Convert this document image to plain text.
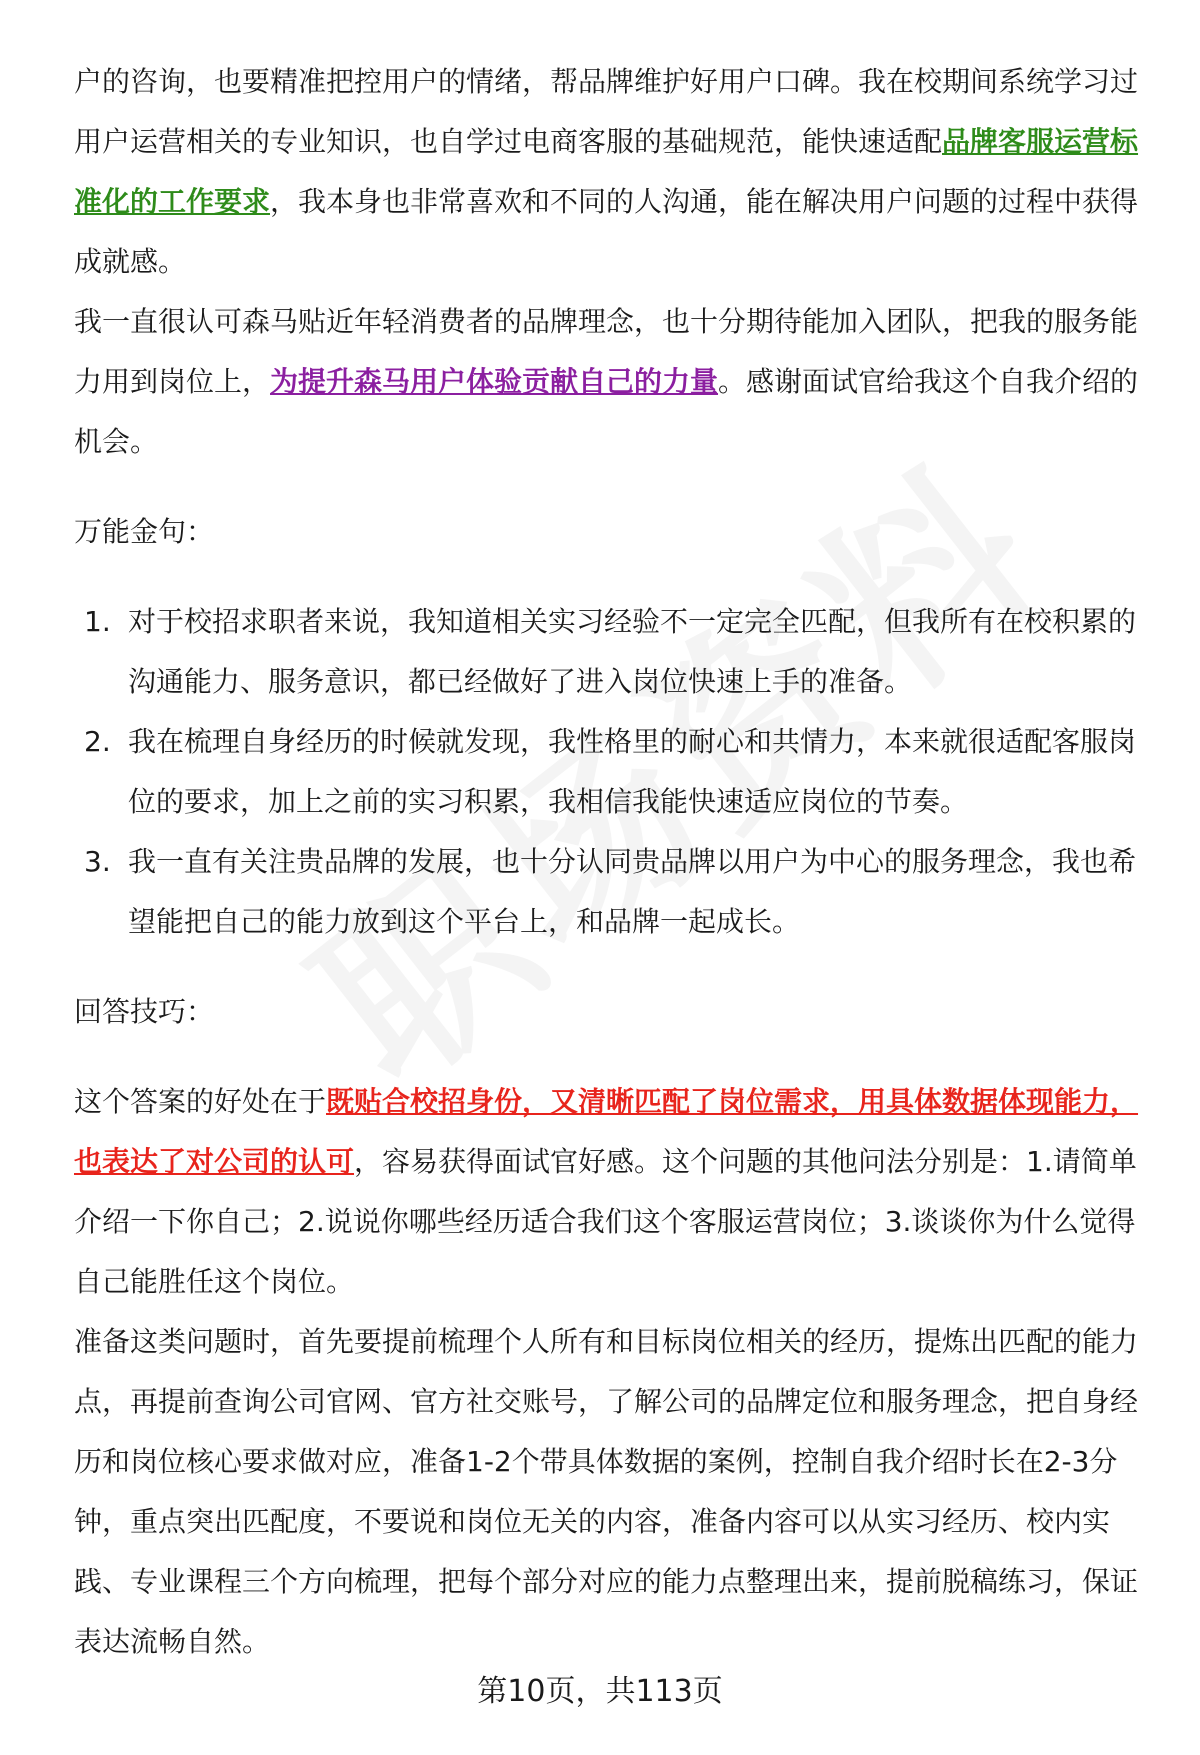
户的咨询，也要精准把控用户的情绪，帮品牌维护好用户口碑。我在校期间系统学习过用户运营相关的专业知识，也自学过电商客服的基础规范，能快速适配品牌客服运营标准化的工作要求，我本身也非常喜欢和不同的人沟通，能在解决用户问题的过程中获得成就感。

我一直很认可森马贴近年轻消费者的品牌理念，也十分期待能加入团队，把我的服务能力用到岗位上，为提升森马用户体验贡献自己的力量。感谢面试官给我这个自我介绍的机会。

万能金句：

1. 对于校招求职者来说，我知道相关实习经验不一定完全匹配，但我所有在校积累的沟通能力、服务意识，都已经做好了进入岗位快速上手的准备。
2. 我在梳理自身经历的时候就发现，我性格里的耐心和共情力，本来就很适配客服岗位的要求，加上之前的实习积累，我相信我能快速适应岗位的节奏。
3. 我一直有关注贵品牌的发展，也十分认同贵品牌以用户为中心的服务理念，我也希望能把自己的能力放到这个平台上，和品牌一起成长。

回答技巧：

这个答案的好处在于既贴合校招身份，又清晰匹配了岗位需求，用具体数据体现能力，也表达了对公司的认可，容易获得面试官好感。这个问题的其他问法分别是：1.请简单介绍一下你自己；2.说说你哪些经历适合我们这个客服运营岗位；3.谈谈你为什么觉得自己能胜任这个岗位。

准备这类问题时，首先要提前梳理个人所有和目标岗位相关的经历，提炼出匹配的能力点，再提前查询公司官网、官方社交账号，了解公司的品牌定位和服务理念，把自身经历和岗位核心要求做对应，准备1-2个带具体数据的案例，控制自我介绍时长在2-3分钟，重点突出匹配度，不要说和岗位无关的内容，准备内容可以从实习经历、校内实践、专业课程三个方向梳理，把每个部分对应的能力点整理出来，提前脱稿练习，保证表达流畅自然。

第10页，共113页
